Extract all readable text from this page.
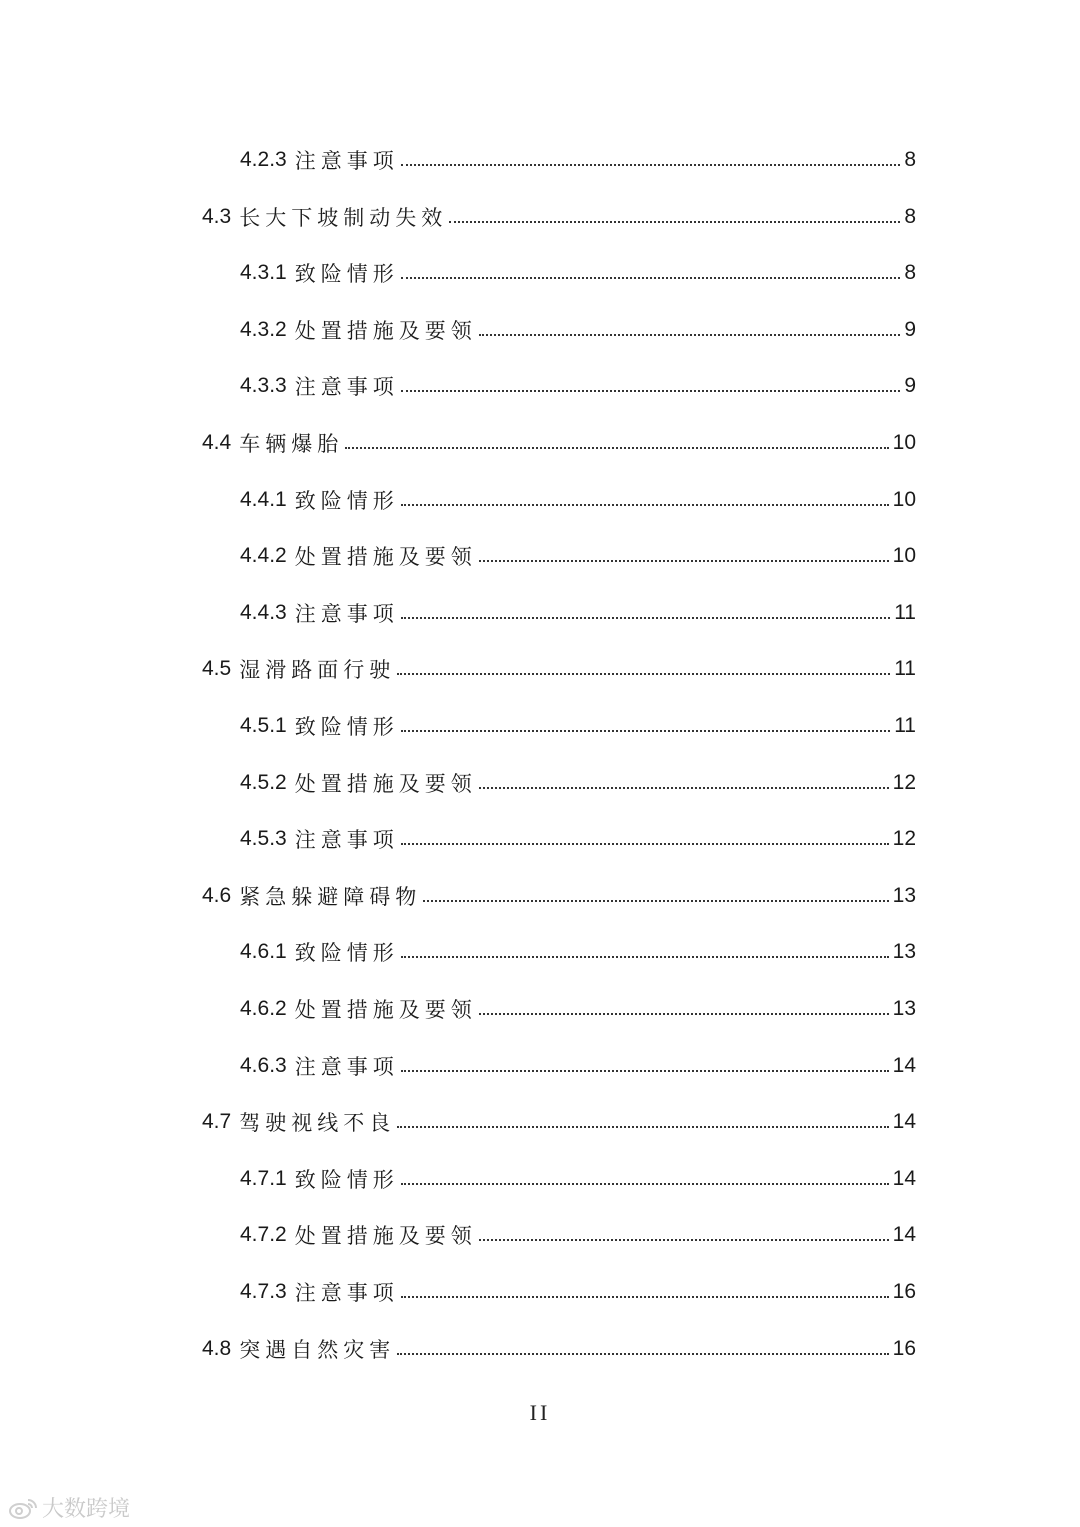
4.2.3 注意事项	8
4.3 长大下坡制动失效	8
4.3.1 致险情形	8
4.3.2 处置措施及要领	9
4.3.3 注意事项	9
4.4 车辆爆胎	10
4.4.1 致险情形	10
4.4.2 处置措施及要领	10
4.4.3 注意事项	11
4.5 湿滑路面行驶	11
4.5.1 致险情形	11
4.5.2 处置措施及要领	12
4.5.3 注意事项	12
4.6 紧急躲避障碍物	13
4.6.1 致险情形	13
4.6.2 处置措施及要领	13
4.6.3 注意事项	14
4.7 驾驶视线不良	14
4.7.1 致险情形	14
4.7.2 处置措施及要领	14
4.7.3 注意事项	16
4.8 突遇自然灾害	16
II
大数跨境
